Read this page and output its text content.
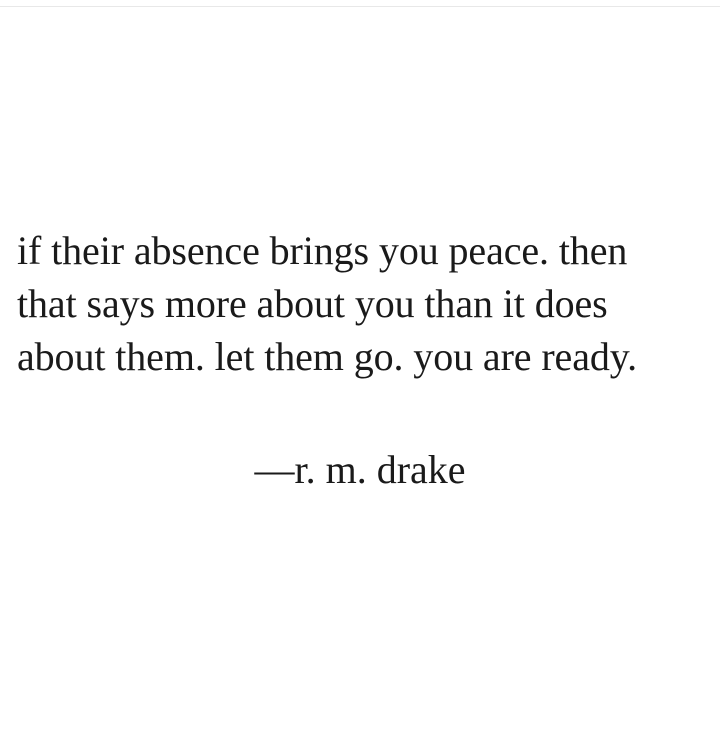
if their absence brings you peace. then
that says more about you than it does
about them. let them go. you are ready.
—r. m. drake
